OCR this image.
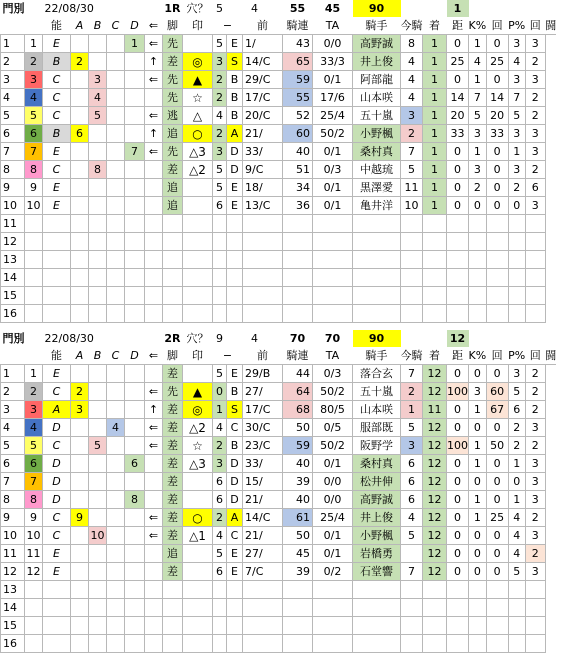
門別		22/08/30					1R		穴？	5	4		55	45	90			1					
		能	A	B	C	D	⇐	脚	印	−		前	騎連	TA	騎手	今騎	着	距	K%	回	P%	回	闘
1	1	E				1	⇐	先		5	E	1/	43	0/0	高野誠	8	1	0	1	0	3	3	
2	2	B	2				↑	差	◎	3	S	14/C	65	33/3	井上俊	4	1	25	4	25	4	2	
3	3	C		3			⇐	先	▲	2	B	29/C	59	0/1	阿部龍	4	1	0	1	0	3	3	
4	4	C		4				先	☆	2	B	17/C	55	17/6	山本咲	4	1	14	7	14	7	2	
5	5	C		5			⇐	逃	△	4	B	20/C	52	25/4	五十嵐	3	1	20	5	20	5	2	
6	6	B	6				↑	追	○	2	A	21/	60	50/2	小野楓	2	1	33	3	33	3	3	
7	7	E				7	⇐	先	△3	3	D	33/	40	0/1	桑村真	7	1	0	1	0	1	3	
8	8	C		8				差	△2	5	D	9/C	51	0/3	中越琉	5	1	0	3	0	3	2	
9	9	E						追		5	E	18/	34	0/1	黒澤愛	11	1	0	2	0	2	6	
10	10	E						追		6	E	13/C	36	0/1	亀井洋	10	1	0	0	0	0	3	
11																							
12																							
13																							
14																							
15																							
16																							
門別		22/08/30					2R		穴？	9	4		70	70	90			12					
		能	A	B	C	D	⇐	脚	印	−		前	騎連	TA	騎手	今騎	着	距	K%	回	P%	回	闘
1	1	E						差		5	E	29/B	44	0/3	落合玄	7	12	0	0	0	3	2	
2	2	C	2				⇐	先	▲	0	B	27/	64	50/2	五十嵐	2	12	100	3	60	5	2	
3	3	A	3				↑	差	◎	1	S	17/C	68	80/5	山本咲	1	11	0	1	67	6	2	
4	4	D			4		⇐	差	△2	4	C	30/C	50	0/5	服部既	5	12	0	0	0	2	3	
5	5	C		5			⇐	差	☆	2	B	23/C	59	50/2	阪野学	3	12	100	1	50	2	2	
6	6	D				6		差	△3	3	D	33/	40	0/1	桑村真	6	12	0	1	0	1	3	
7	7	D						差		6	D	15/	39	0/0	松井伸	6	12	0	0	0	0	3	
8	8	D				8		差		6	D	21/	40	0/0	高野誠	6	12	0	1	0	1	3	
9	9	C	9				⇐	差	○	2	A	14/C	61	25/4	井上俊	4	12	0	1	25	4	2	
10	10	C		10			⇐	差	△1	4	C	21/	50	0/1	小野楓	5	12	0	0	0	4	3	
11	11	E						追		5	E	27/	45	0/1	岩橋勇		12	0	0	0	4	2	
12	12	E						差		6	E	7/C	39	0/2	石堂響	7	12	0	0	0	5	3	
13																							
14																							
15																							
16																							
